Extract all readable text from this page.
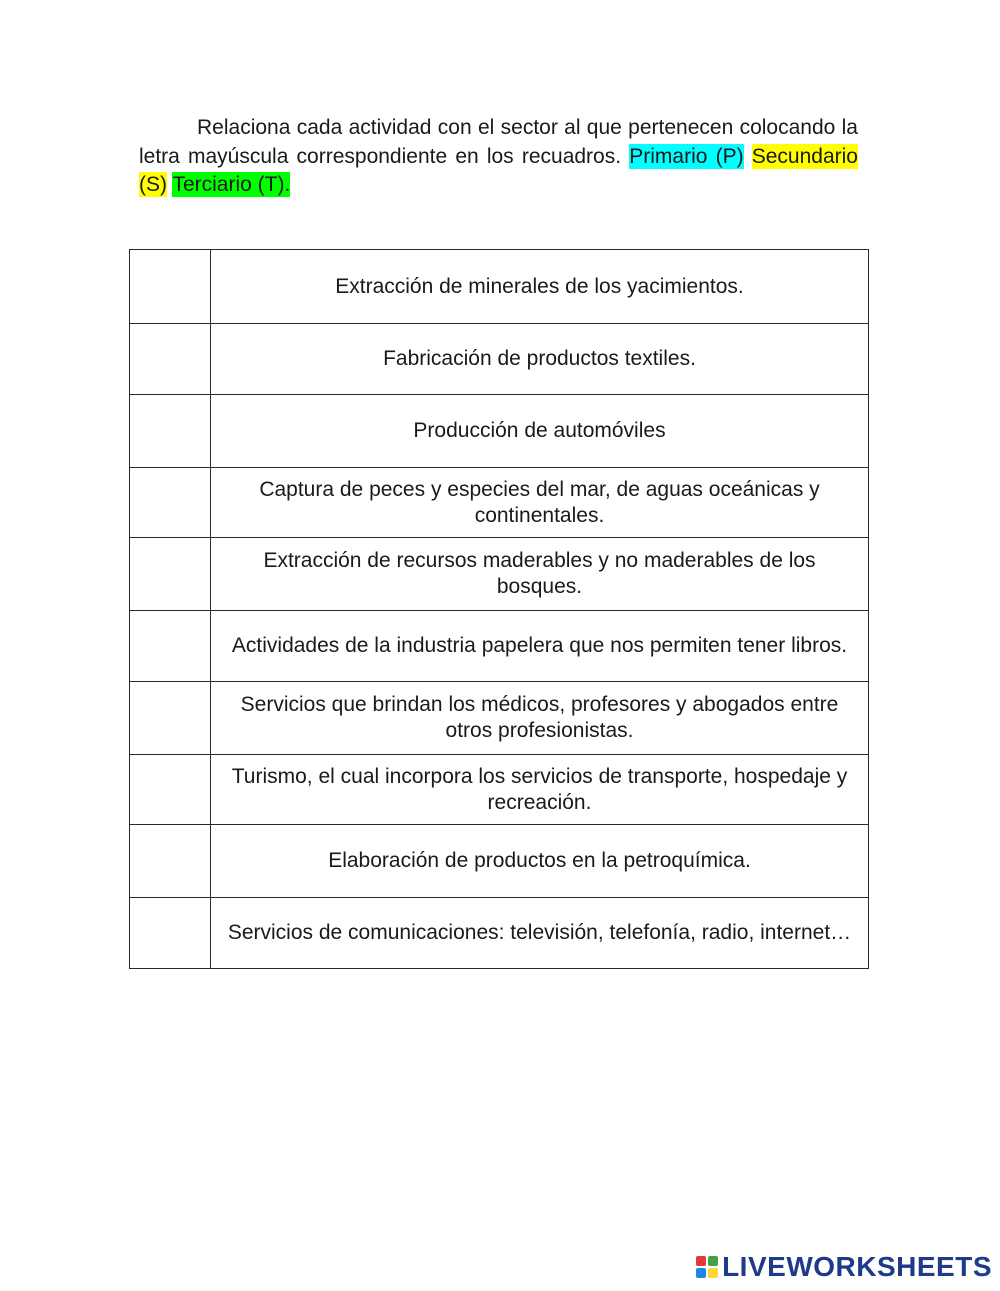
Relaciona cada actividad con el sector al que pertenecen colocando la letra mayúscula correspondiente en los recuadros. Primario (P) Secundario (S) Terciario (T).
	Extracción de minerales de los yacimientos.

	Fabricación de productos textiles.

	Producción de automóviles

	Captura de peces y especies del mar, de aguas oceánicas y continentales.

	Extracción de recursos maderables y no maderables de los bosques.

	Actividades de la industria papelera que nos permiten tener libros.

	Servicios que brindan los médicos, profesores y abogados entre otros profesionistas.

	Turismo, el cual incorpora los servicios de transporte, hospedaje y recreación.

	Elaboración de productos en la petroquímica.

	Servicios de comunicaciones: televisión, telefonía, radio, internet…
LIVEWORKSHEETS
